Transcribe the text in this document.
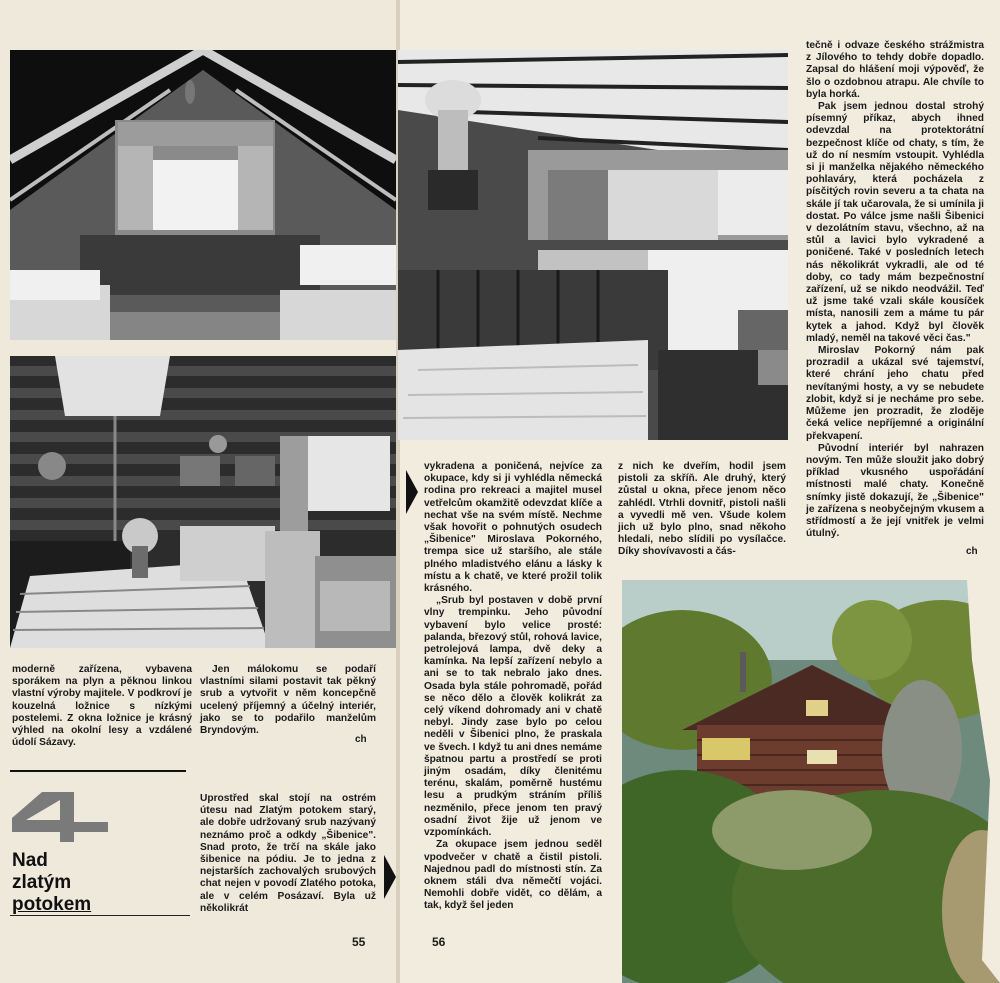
moderně zařízena, vybavena sporákem na plyn a pěknou linkou vlastní výroby majitele. V podkroví je kouzelná ložnice s nízkými postelemi. Z okna ložnice je krásný výhled na okolní lesy a vzdálené údolí Sázavy.

Jen málokomu se podaří vlastními silami postavit tak pěkný srub a vytvořit v něm koncepčně ucelený příjemný a účelný interiér, jako se to podařilo manželům Bryndovým.

ch
Nad
zlatým
potokem

Uprostřed skal stojí na ostrém útesu nad Zlatým potokem starý, ale dobře udržovaný srub nazývaný neznámo proč a odkdy „Šibenice". Snad proto, že trčí na skále jako šibenice na pódiu. Je to jedna z nejstarších zachovalých srubových chat nejen v povodí Zlatého potoka, ale v celém Posázaví. Byla už několikrát

55

vykradena a poničená, nejvíce za okupace, kdy si ji vyhlédla německá rodina pro rekreaci a majitel musel vetřelcům okamžitě odevzdat klíče a nechat vše na svém místě. Nechme však hovořit o pohnutých osudech „Šibenice" Miroslava Pokorného, trempa sice už staršího, ale stále plného mladistvého elánu a lásky k místu a k chatě, ve které prožil tolik krásného.

„Srub byl postaven v době první vlny trempinku. Jeho původní vybavení bylo velice prosté: palanda, březový stůl, rohová lavice, petrolejová lampa, dvě deky a kamínka. Na lepší zařízení nebylo a ani se to tak nebralo jako dnes. Osada byla stále pohromadě, pořád se něco dělo a člověk kolikrát za celý víkend dohromady ani v chatě nebyl. Jindy zase bylo po celou neděli v Šibenici plno, že praskala ve švech. I když tu ani dnes nemáme špatnou partu a prostředí se proti jiným osadám, díky členitému terénu, skalám, poměrně hustému lesu a prudkým stráním příliš nezměnilo, přece jenom ten pravý osadní život žije už jenom ve vzpomínkách.

Za okupace jsem jednou seděl vpodvečer v chatě a čistil pistoli. Najednou padl do místnosti stín. Za oknem stáli dva němečtí vojáci. Nemohli dobře vidět, co dělám, a tak, když šel jeden

z nich ke dveřím, hodil jsem pistoli za skříň. Ale druhý, který zůstal u okna, přece jenom něco zahlédl. Vtrhli dovnitř, pistoli našli a vyvedli mě ven. Všude kolem jich už bylo plno, snad někoho hledali, nebo slídili po vysílačce. Díky shovívavosti a čás-

tečně i odvaze českého strážmistra z Jílového to tehdy dobře dopadlo. Zapsal do hlášení moji výpověď, že šlo o ozdobnou atrapu. Ale chvíle to byla horká.

Pak jsem jednou dostal strohý písemný příkaz, abych ihned odevzdal na protektorátní bezpečnost klíče od chaty, s tím, že už do ní nesmím vstoupit. Vyhlédla si ji manželka nějakého německého pohlaváry, která pocházela z písčitých rovin severu a ta chata na skále jí tak učarovala, že si umínila ji dostat. Po válce jsme našli Šibenici v dezolátním stavu, všechno, až na stůl a lavici bylo vykradené a poničené. Také v posledních letech nás několikrát vykradli, ale od té doby, co tady mám bezpečnostní zařízení, už se nikdo neodvážil. Teď už jsme také vzali skále kousíček místa, nanosili zem a máme tu pár kytek a jahod. Když byl člověk mladý, neměl na takové věci čas."

Miroslav Pokorný nám pak prozradil a ukázal své tajemství, které chrání jeho chatu před nevítanými hosty, a vy se nebudete zlobit, když si je necháme pro sebe. Můžeme jen prozradit, že zloděje čeká velice nepříjemné a originální překvapení.

Původní interiér byl nahrazen novým. Ten může sloužit jako dobrý příklad vkusného uspořádání místnosti malé chaty. Konečně snímky jistě dokazují, že „Šibenice" je zařízena s neobyčejným vkusem a střídmostí a že její vnitřek je velmi útulný.

ch
56
